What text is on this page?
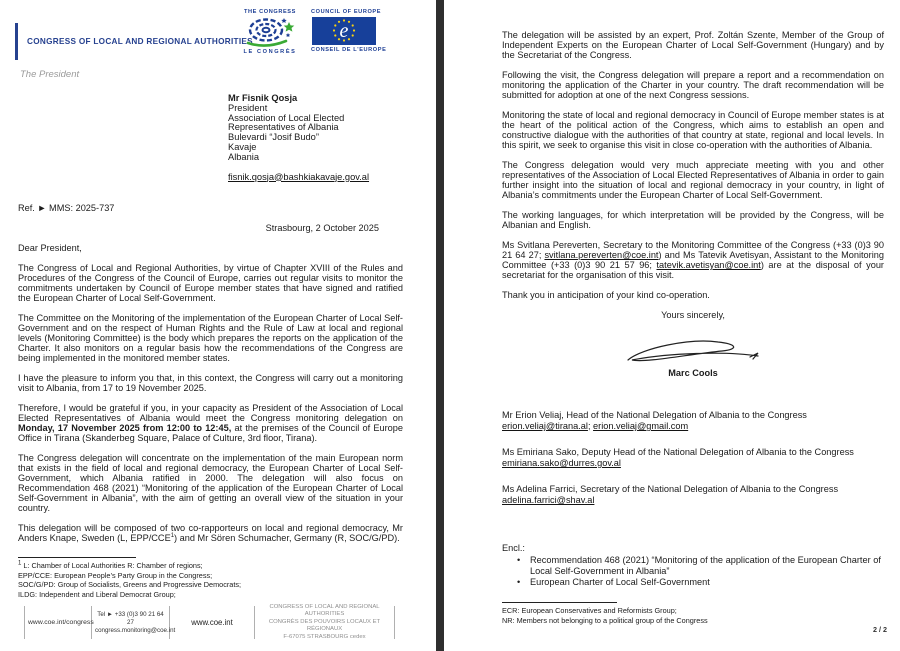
CONGRESS OF LOCAL AND REGIONAL AUTHORITIES
The President
THE CONGRESS
LE CONGRÈS
COUNCIL OF EUROPE
e
CONSEIL DE L'EUROPE
Mr Fisnik Qosja
President
Association of Local Elected
Representatives of Albania
Bulevardi “Josif Budo”
Kavaje
Albania
fisnik.qosja@bashkiakavaje.gov.al

Ref. ► MMS: 2025-737

Strasbourg, 2 October 2025

Dear President,

The Congress of Local and Regional Authorities, by virtue of Chapter XVIII of the Rules and Procedures of the Congress of the Council of Europe, carries out regular visits to monitor the commitments undertaken by Council of Europe member states that have signed and ratified the European Charter of Local Self-Government.

The Committee on the Monitoring of the implementation of the European Charter of Local Self-Government and on the respect of Human Rights and the Rule of Law at local and regional levels (Monitoring Committee) is the body which prepares the reports on the application of the Charter. It also monitors on a regular basis how the recommendations of the Congress are being implemented in the monitored member states.

I have the pleasure to inform you that, in this context, the Congress will carry out a monitoring visit to Albania, from 17 to 19 November 2025.

Therefore, I would be grateful if you, in your capacity as President of the Association of Local Elected Representatives of Albania would meet the Congress monitoring delegation on Monday, 17 November 2025 from 12:00 to 12:45, at the premises of the Council of Europe Office in Tirana (Skanderbeg Square, Palace of Culture, 3rd floor, Tirana).

The Congress delegation will concentrate on the implementation of the main European norm that exists in the field of local and regional democracy, the European Charter of Local Self-Government, which Albania ratified in 2000. The delegation will also focus on Recommendation 468 (2021) “Monitoring of the application of the European Charter of Local Self-Government in Albania”, with the aim of getting an overall view of the situation in your country.

This delegation will be composed of two co-rapporteurs on local and regional democracy, Mr Anders Knape, Sweden (L, EPP/CCE$^1$) and Mr Sören Schumacher, Germany (R, SOC/G/PD).
$^1$ L: Chamber of Local Authorities R: Chamber of regions;
EPP/CCE: European People’s Party Group in the Congress;
SOC/G/PD: Group of Socialists, Greens and Progressive Democrats;
ILDG: Independent and Liberal Democrat Group;
www.coe.int/congress
Tel ► +33 (0)3 90 21 64 27
congress.monitoring@coe.int
www.coe.int
CONGRESS OF LOCAL AND REGIONAL AUTHORITIES
CONGRÈS DES POUVOIRS LOCAUX ET RÉGIONAUX
F-67075 STRASBOURG cedex

The delegation will be assisted by an expert, Prof. Zoltán Szente, Member of the Group of Independent Experts on the European Charter of Local Self-Government (Hungary) and by the Secretariat of the Congress.

Following the visit, the Congress delegation will prepare a report and a recommendation on monitoring the application of the Charter in your country. The draft recommendation will be submitted for adoption at one of the next Congress sessions.

Monitoring the state of local and regional democracy in Council of Europe member states is at the heart of the political action of the Congress, which aims to establish an open and constructive dialogue with the authorities of that country at state, regional and local levels. In this spirit, we seek to organise this visit in close co-operation with the authorities of Albania.

The Congress delegation would very much appreciate meeting with you and other representatives of the Association of Local Elected Representatives of Albania in order to gain further insight into the situation of local and regional democracy in your country, in light of Albania’s commitments under the European Charter of Local Self-Government.

The working languages, for which interpretation will be provided by the Congress, will be Albanian and English.

Ms Svitlana Pereverten, Secretary to the Monitoring Committee of the Congress (+33 (0)3 90 21 64 27; svitlana.pereverten@coe.int) and Ms Tatevik Avetisyan, Assistant to the Monitoring Committee (+33 (0)3 90 21 57 96; tatevik.avetisyan@coe.int) are at the disposal of your secretariat for the organisation of this visit.

Thank you in anticipation of your kind co-operation.

Yours sincerely,

Marc Cools

Mr Erion Veliaj, Head of the National Delegation of Albania to the Congress
erion.veliaj@tirana.al; erion.veliaj@gmail.com
Ms Emiriana Sako, Deputy Head of the National Delegation of Albania to the Congress
emiriana.sako@durres.gov.al
Ms Adelina Farrici, Secretary of the National Delegation of Albania to the Congress
adelina.farrici@shav.al
Encl.:
• Recommendation 468 (2021) “Monitoring of the application of the European Charter of Local Self-Government in Albania”
• European Charter of Local Self-Government
ECR: European Conservatives and Reformists Group;
NR: Members not belonging to a political group of the Congress
2 / 2
